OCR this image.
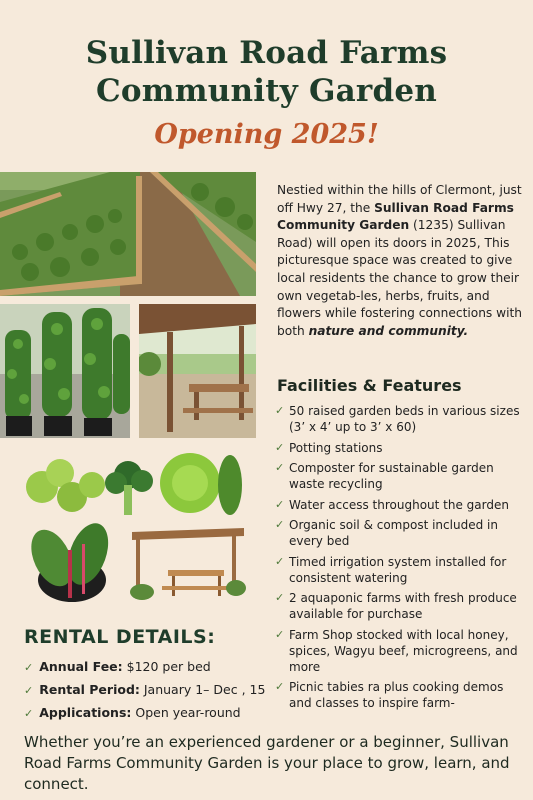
Sullivan Road Farms
Community Garden
Opening 2025!
Nestied within the hills of Clermont, just off Hwy 27, the Sullivan Road Farms Community Garden (1235) Sullivan Road) will open its doors in 2025, This picturesque space was created to give local residents the chance to grow their own vegetab-les, herbs, fruits, and flowers while fostering connections with both nature and community.
Facilities & Features
✓ 50 raised garden beds in various sizes (3’ x 4’ up to 3’ x 60)
✓ Potting stations
✓ Composter for sustainable garden waste recycling
✓ Water access throughout the garden
✓ Organic soil & compost included in every bed
✓ Timed irrigation system installed for consistent watering
✓ 2 aquaponic farms with fresh produce available for purchase
✓ Farm Shop stocked with local honey, spices, Wagyu beef, microgreens, and more
✓ Picnic tabies ra plus cooking demos and classes to inspire farm-
RENTAL DETAILS:
✓ Annual Fee: $120 per bed
✓ Rental Period: January 1– Dec , 15
✓ Applications: Open year-round
Whether you’re an experienced gardener or a beginner, Sullivan Road Farms Community Garden is your place to grow, learn, and connect.
